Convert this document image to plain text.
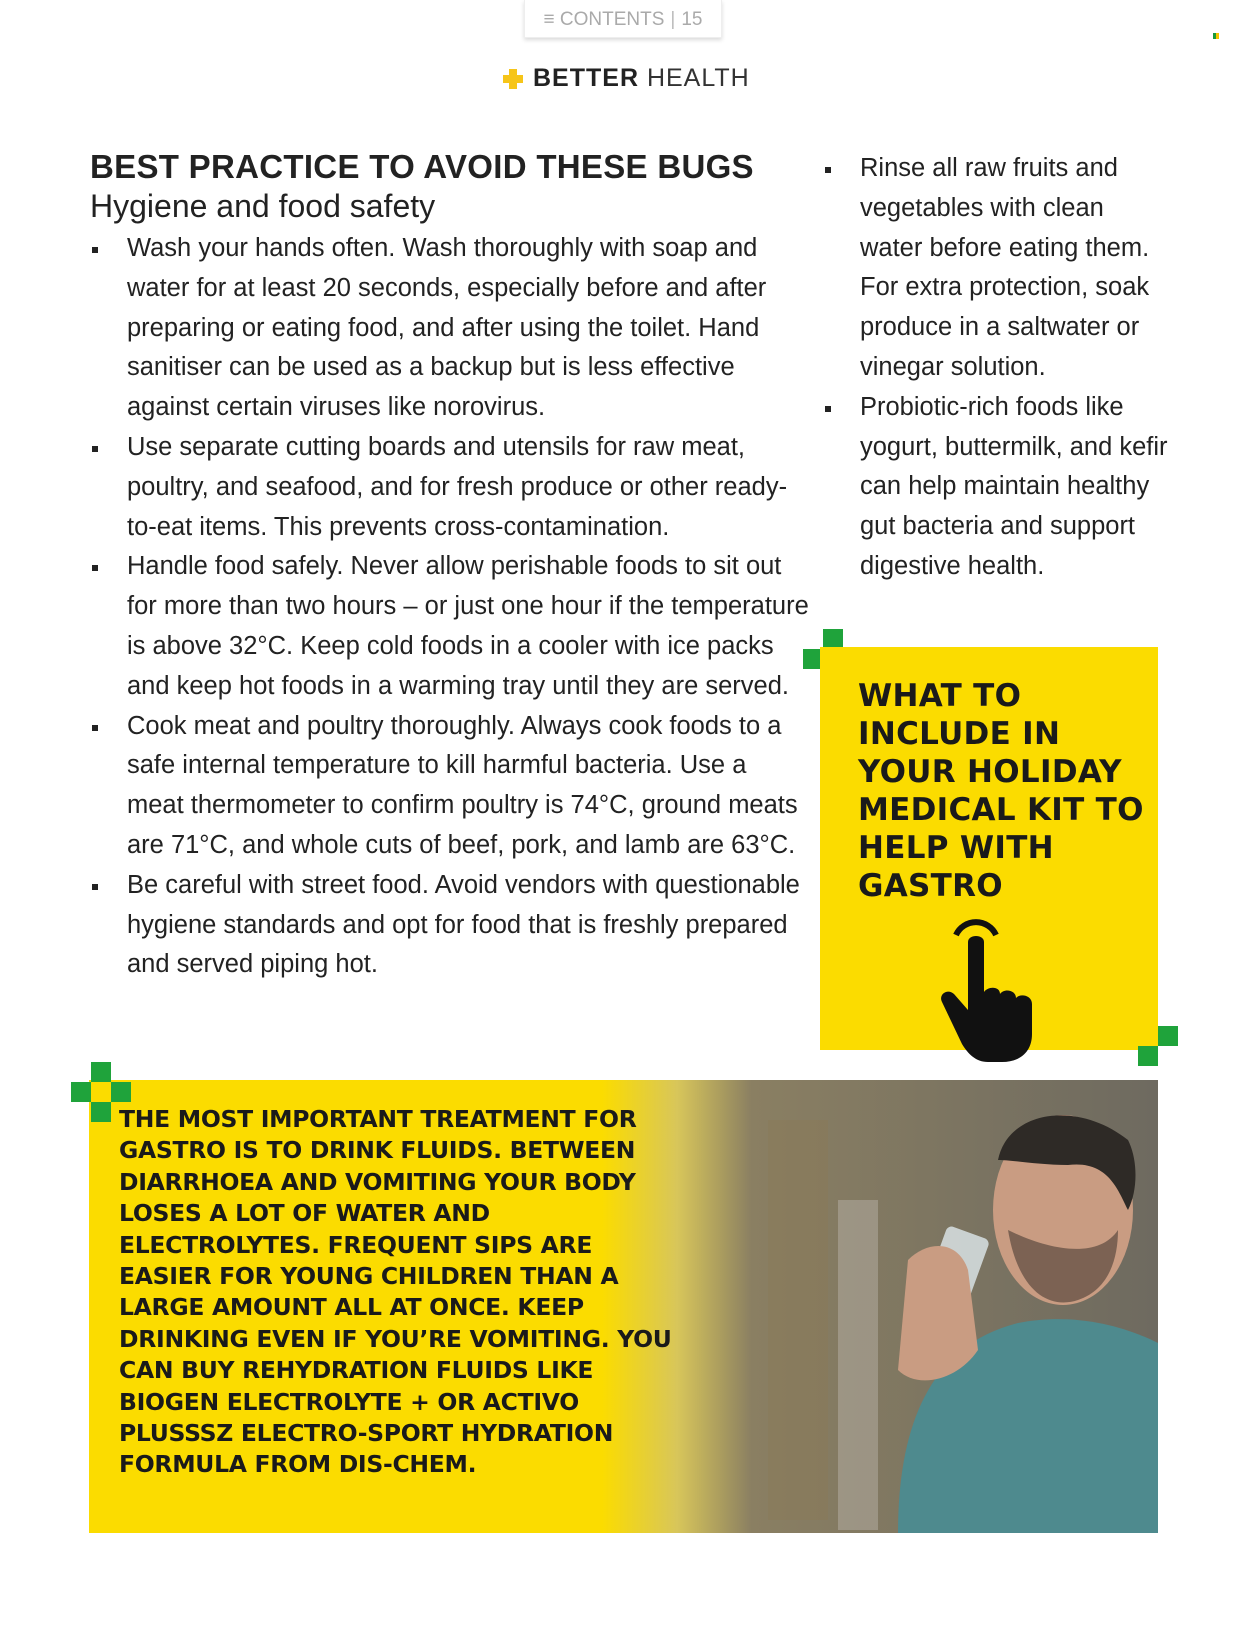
≡ CONTENTS | 15
BETTER HEALTH
BEST PRACTICE TO AVOID THESE BUGS
Hygiene and food safety
Wash your hands often. Wash thoroughly with soap and water for at least 20 seconds, especially before and after preparing or eating food, and after using the toilet. Hand sanitiser can be used as a backup but is less effective against certain viruses like norovirus.
Use separate cutting boards and utensils for raw meat, poultry, and seafood, and for fresh produce or other ready-to-eat items. This prevents cross-contamination.
Handle food safely. Never allow perishable foods to sit out for more than two hours – or just one hour if the temperature is above 32°C. Keep cold foods in a cooler with ice packs and keep hot foods in a warming tray until they are served.
Cook meat and poultry thoroughly. Always cook foods to a safe internal temperature to kill harmful bacteria. Use a meat thermometer to confirm poultry is 74°C, ground meats are 71°C, and whole cuts of beef, pork, and lamb are 63°C.
Be careful with street food. Avoid vendors with questionable hygiene standards and opt for food that is freshly prepared and served piping hot.
Rinse all raw fruits and vegetables with clean water before eating them. For extra protection, soak produce in a saltwater or vinegar solution.
Probiotic-rich foods like yogurt, buttermilk, and kefir can help maintain healthy gut bacteria and support digestive health.
WHAT TO INCLUDE IN YOUR HOLIDAY MEDICAL KIT TO HELP WITH GASTRO

THE MOST IMPORTANT TREATMENT FOR GASTRO IS TO DRINK FLUIDS. BETWEEN DIARRHOEA AND VOMITING YOUR BODY LOSES A LOT OF WATER AND ELECTROLYTES. FREQUENT SIPS ARE EASIER FOR YOUNG CHILDREN THAN A LARGE AMOUNT ALL AT ONCE. KEEP DRINKING EVEN IF YOU’RE VOMITING. YOU CAN BUY REHYDRATION FLUIDS LIKE BIOGEN ELECTROLYTE + OR ACTIVO PLUSSSZ ELECTRO-SPORT HYDRATION FORMULA FROM DIS-CHEM.
